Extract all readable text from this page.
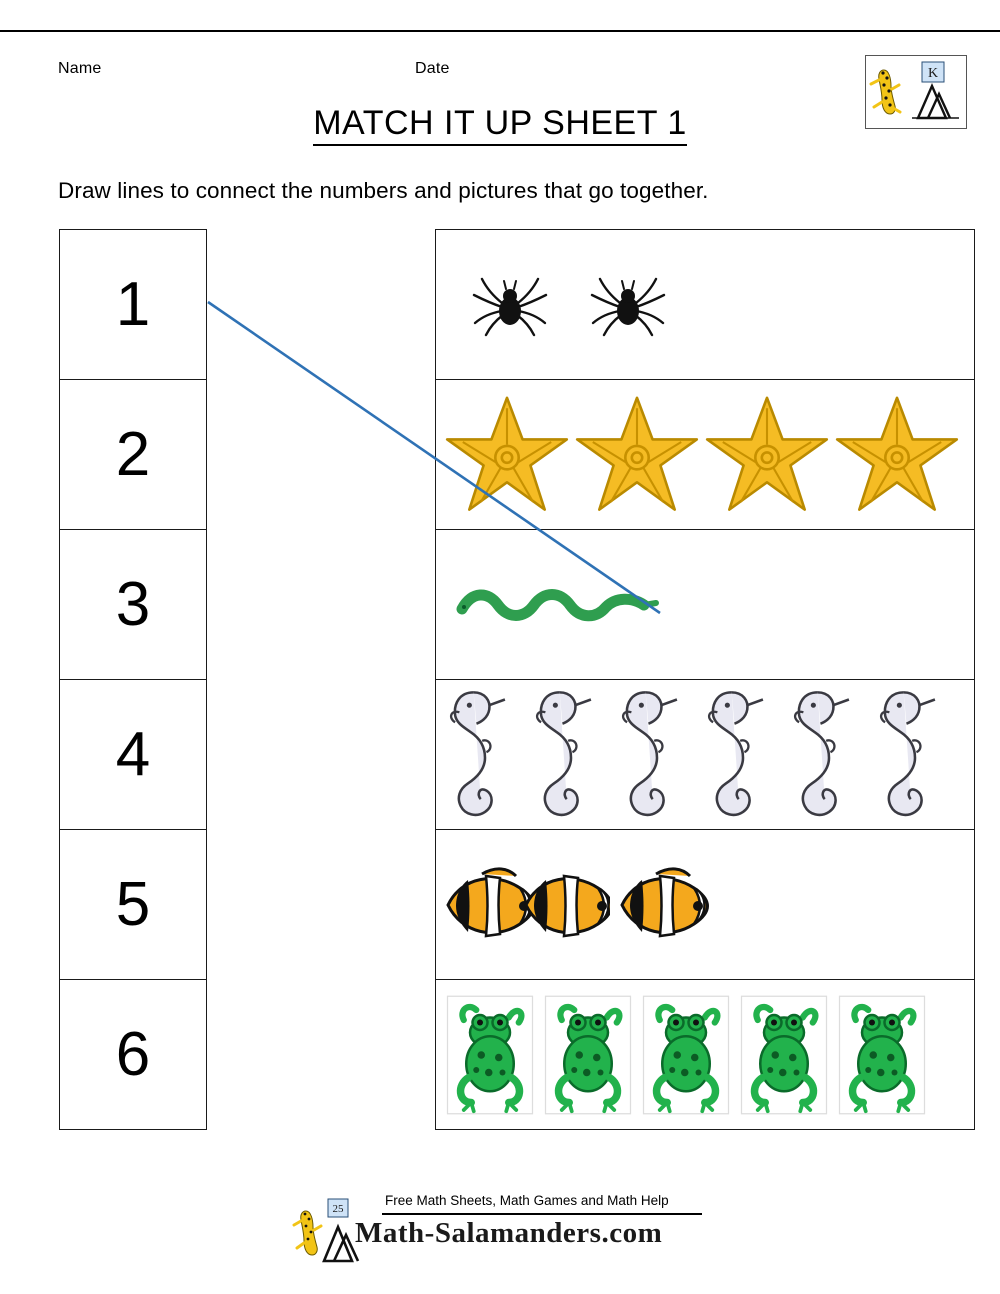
Name	Date	K
MATCH IT UP SHEET 1
Draw lines to connect the numbers and pictures that go together.
1
2
3
4
5
6
25
Free Math Sheets, Math Games and Math Help
Math-Salamanders.com
